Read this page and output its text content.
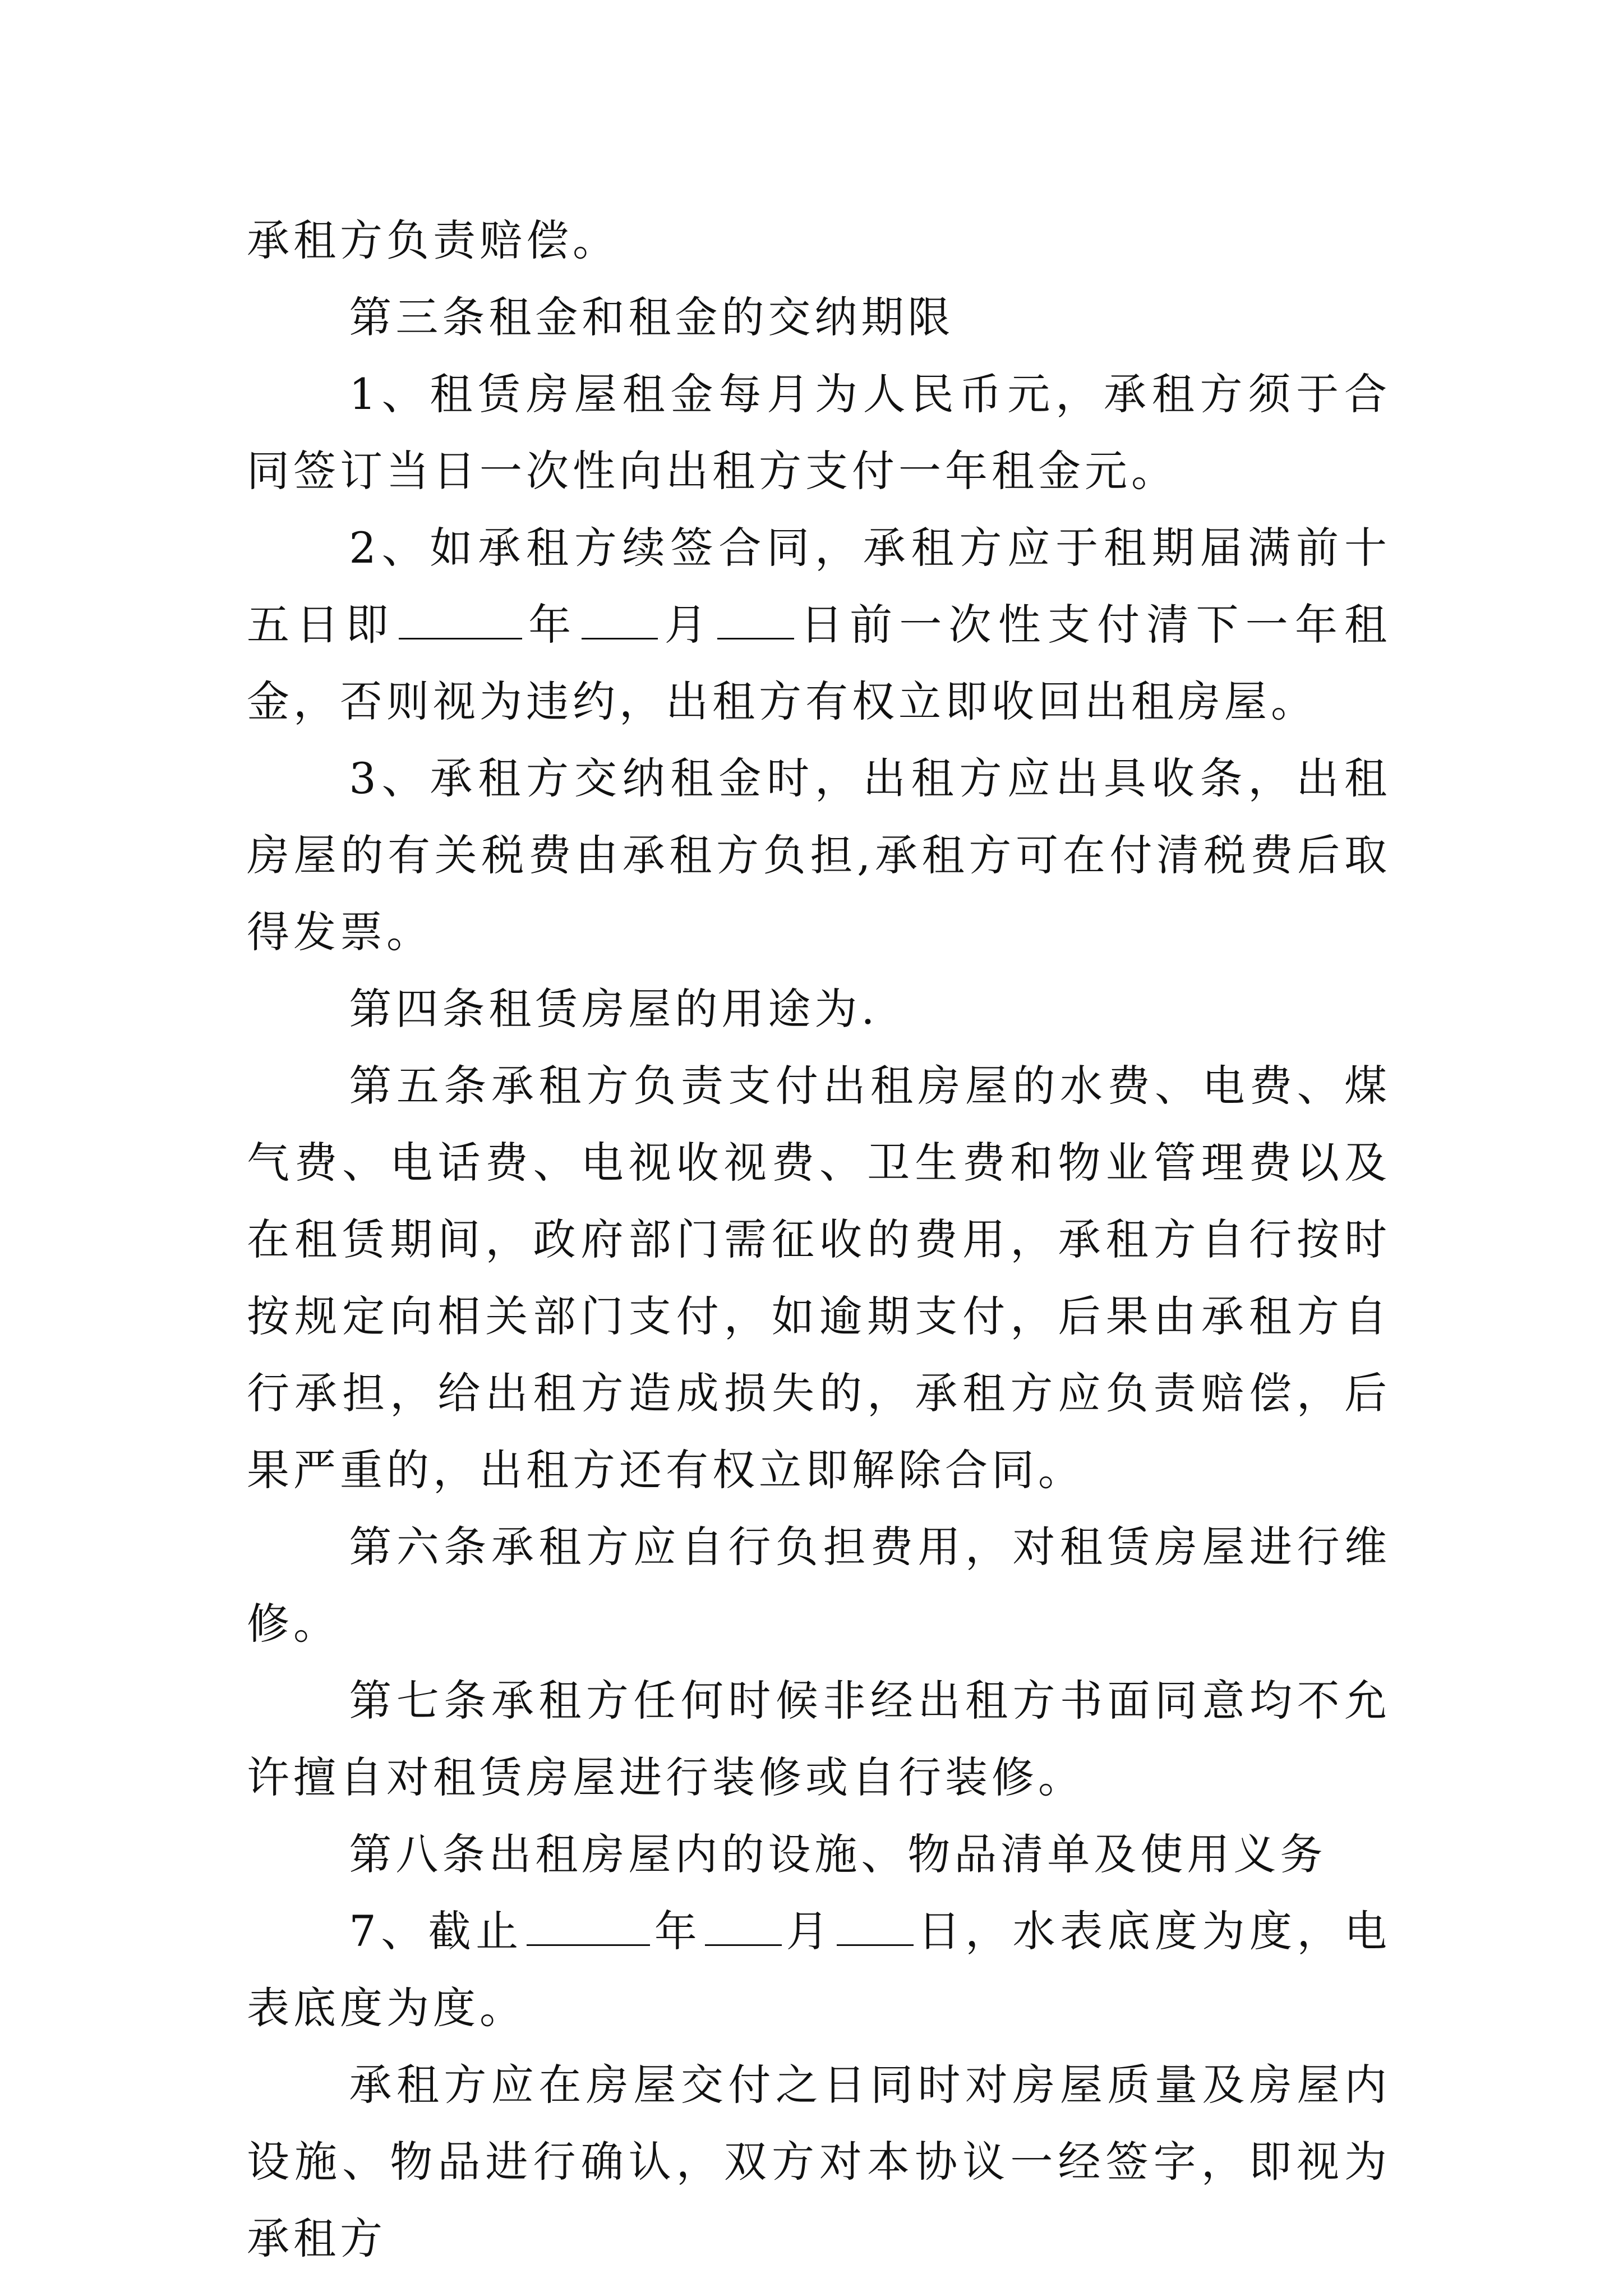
承租方负责赔偿。

第三条租金和租金的交纳期限

1、租赁房屋租金每月为人民币元，承租方须于合同签订当日一次性向出租方支付一年租金元。

2、如承租方续签合同，承租方应于租期届满前十五日即	年 月 日前一次性支付清下一年租金，否则视为违约，出租方有权立即收回出租房屋。

3、承租方交纳租金时，出租方应出具收条，出租房屋的有关税费由承租方负担,承租方可在付清税费后取得发票。

第四条租赁房屋的用途为.

第五条承租方负责支付出租房屋的水费、电费、煤气费、电话费、电视收视费、卫生费和物业管理费以及在租赁期间，政府部门需征收的费用，承租方自行按时按规定向相关部门支付，如逾期支付，后果由承租方自行承担，给出租方造成损失的，承租方应负责赔偿，后果严重的，出租方还有权立即解除合同。

第六条承租方应自行负担费用，对租赁房屋进行维修。

第七条承租方任何时候非经出租方书面同意均不允许擅自对租赁房屋进行装修或自行装修。

第八条出租房屋内的设施、物品清单及使用义务

7、截止	年 月 日，水表底度为度，电表底度为度。

承租方应在房屋交付之日同时对房屋质量及房屋内设施、物品进行确认，双方对本协议一经签字，即视为承租方
